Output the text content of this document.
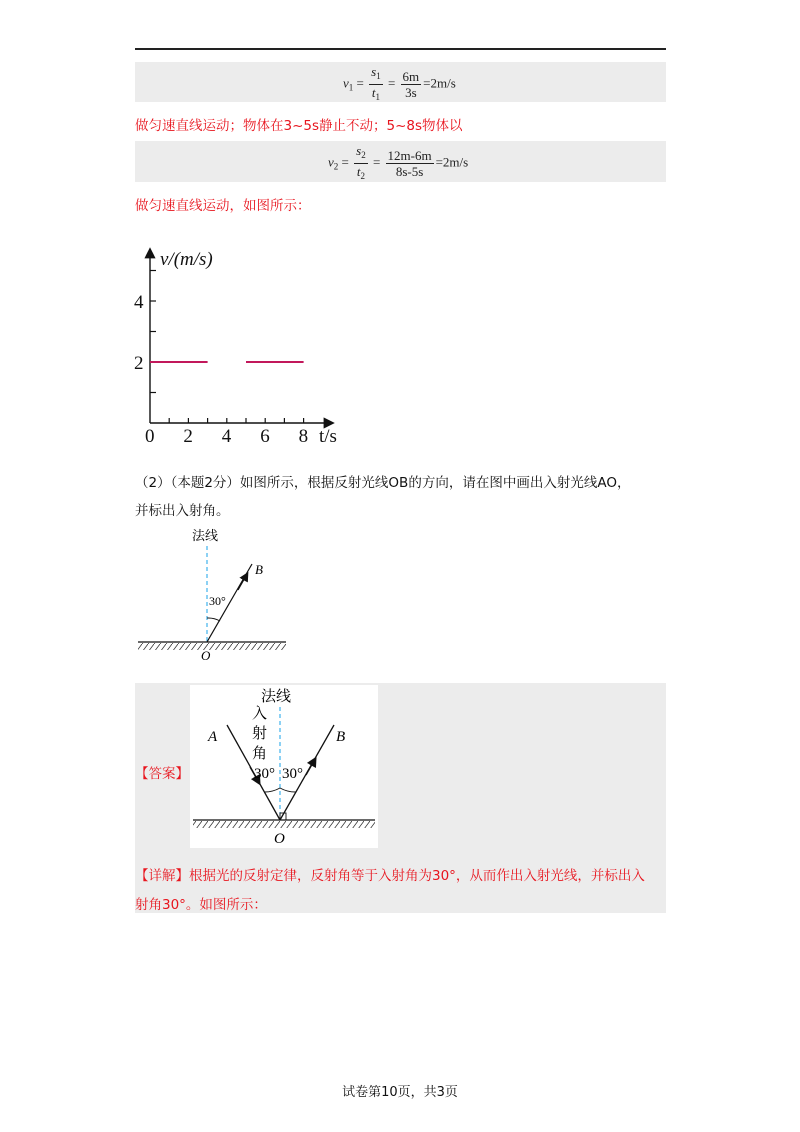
$v_1 = \frac{s_1}{t_1} = \frac{6m}{3s} =2m/s$
做匀速直线运动；物体在3~5s静止不动；5~8s物体以
$v_2 = \frac{s_2}{t_2} = \frac{12m-6m}{8s-5s} =2m/s$
做匀速直线运动，如图所示：
0 2 4 6 8
2
4
v/(m/s)
t/s
（2）（本题2分）如图所示，根据反射光线OB的方向，请在图中画出入射光线AO，
并标出入射角。
法线
30°
B
O
【答案】
法线
入
射
角
30° 30°
A	B
O
【详解】根据光的反射定律，反射角等于入射角为30°，从而作出入射光线，并标出入
射角30°。如图所示：
试卷第10页，共3页
